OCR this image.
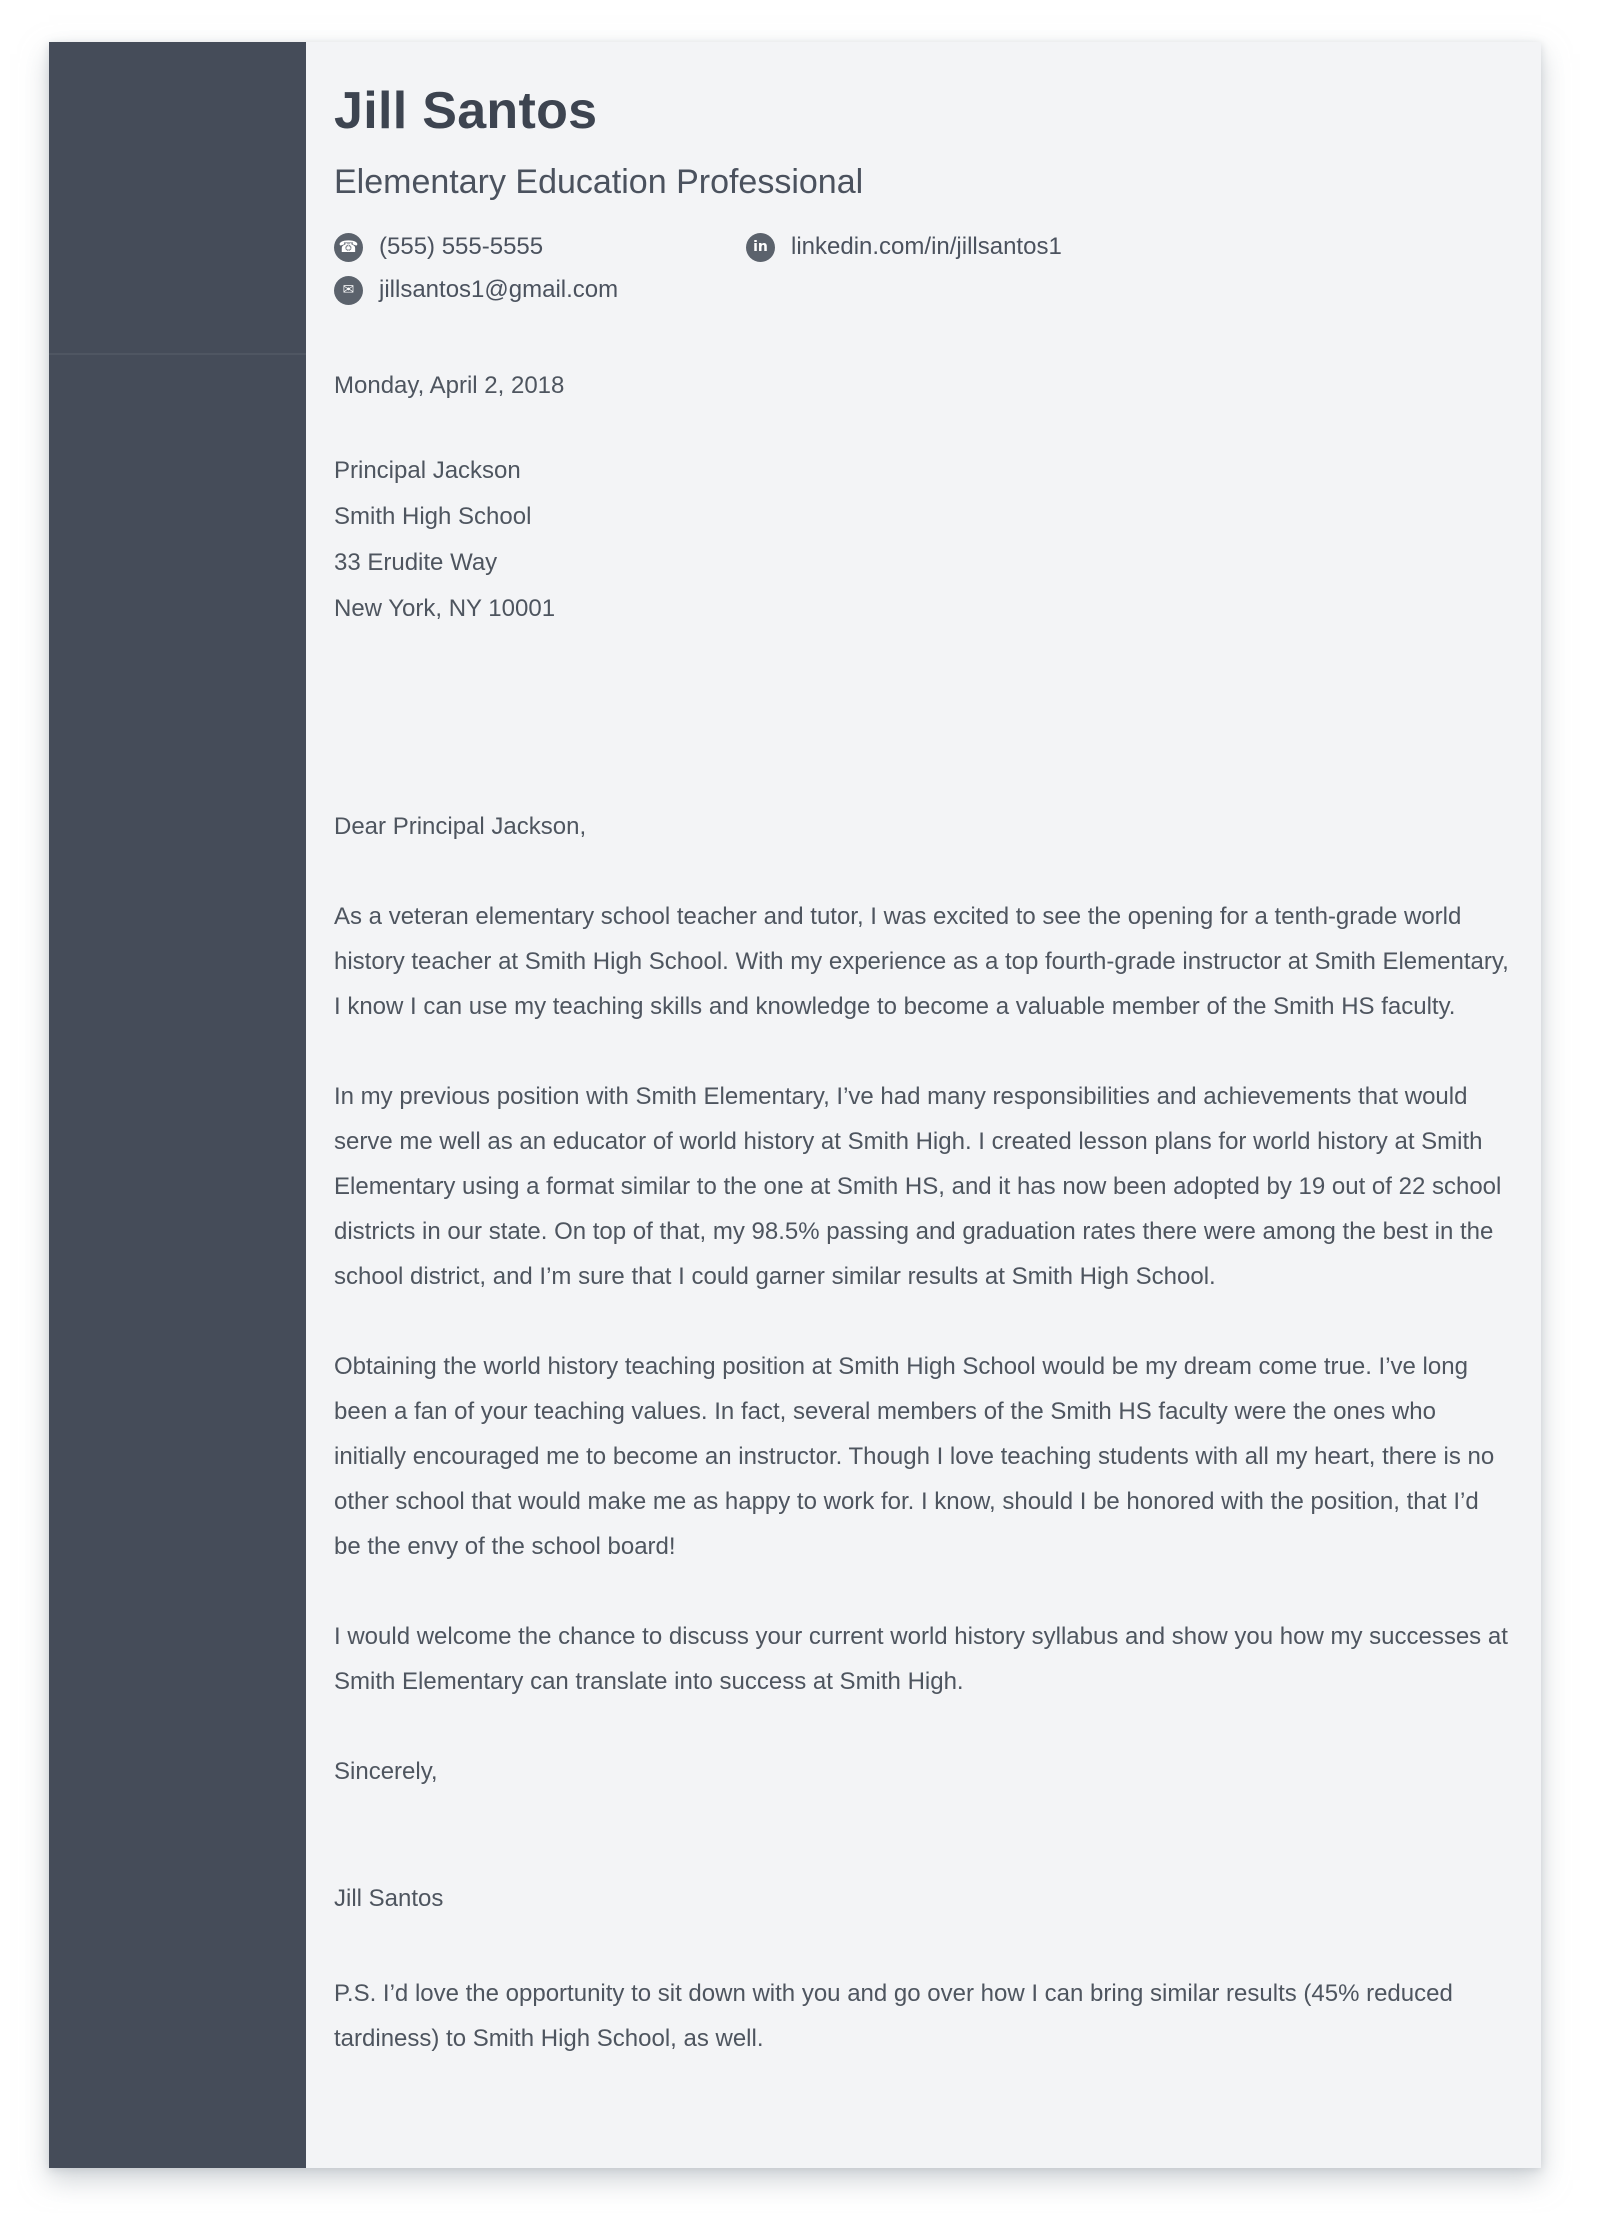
Jill Santos
Elementary Education Professional
☎ (555) 555-5555	in linkedin.com/in/jillsantos1
✉	jillsantos1@gmail.com
Monday, April 2, 2018
Principal Jackson
Smith High School
33 Erudite Way
New York, NY 10001
Dear Principal Jackson,

As a veteran elementary school teacher and tutor, I was excited to see the opening for a tenth-grade world history teacher at Smith High School. With my experience as a top fourth-grade instructor at Smith Elementary, I know I can use my teaching skills and knowledge to become a valuable member of the Smith HS faculty.

In my previous position with Smith Elementary, I’ve had many responsibilities and achievements that would serve me well as an educator of world history at Smith High. I created lesson plans for world history at Smith Elementary using a format similar to the one at Smith HS, and it has now been adopted by 19 out of 22 school districts in our state. On top of that, my 98.5% passing and graduation rates there were among the best in the school district, and I’m sure that I could garner similar results at Smith High School.

Obtaining the world history teaching position at Smith High School would be my dream come true. I’ve long been a fan of your teaching values. In fact, several members of the Smith HS faculty were the ones who initially encouraged me to become an instructor. Though I love teaching students with all my heart, there is no other school that would make me as happy to work for. I know, should I be honored with the position, that I’d be the envy of the school board!

I would welcome the chance to discuss your current world history syllabus and show you how my successes at Smith Elementary can translate into success at Smith High.

Sincerely,
Jill Santos

P.S. I’d love the opportunity to sit down with you and go over how I can bring similar results (45% reduced tardiness) to Smith High School, as well.
